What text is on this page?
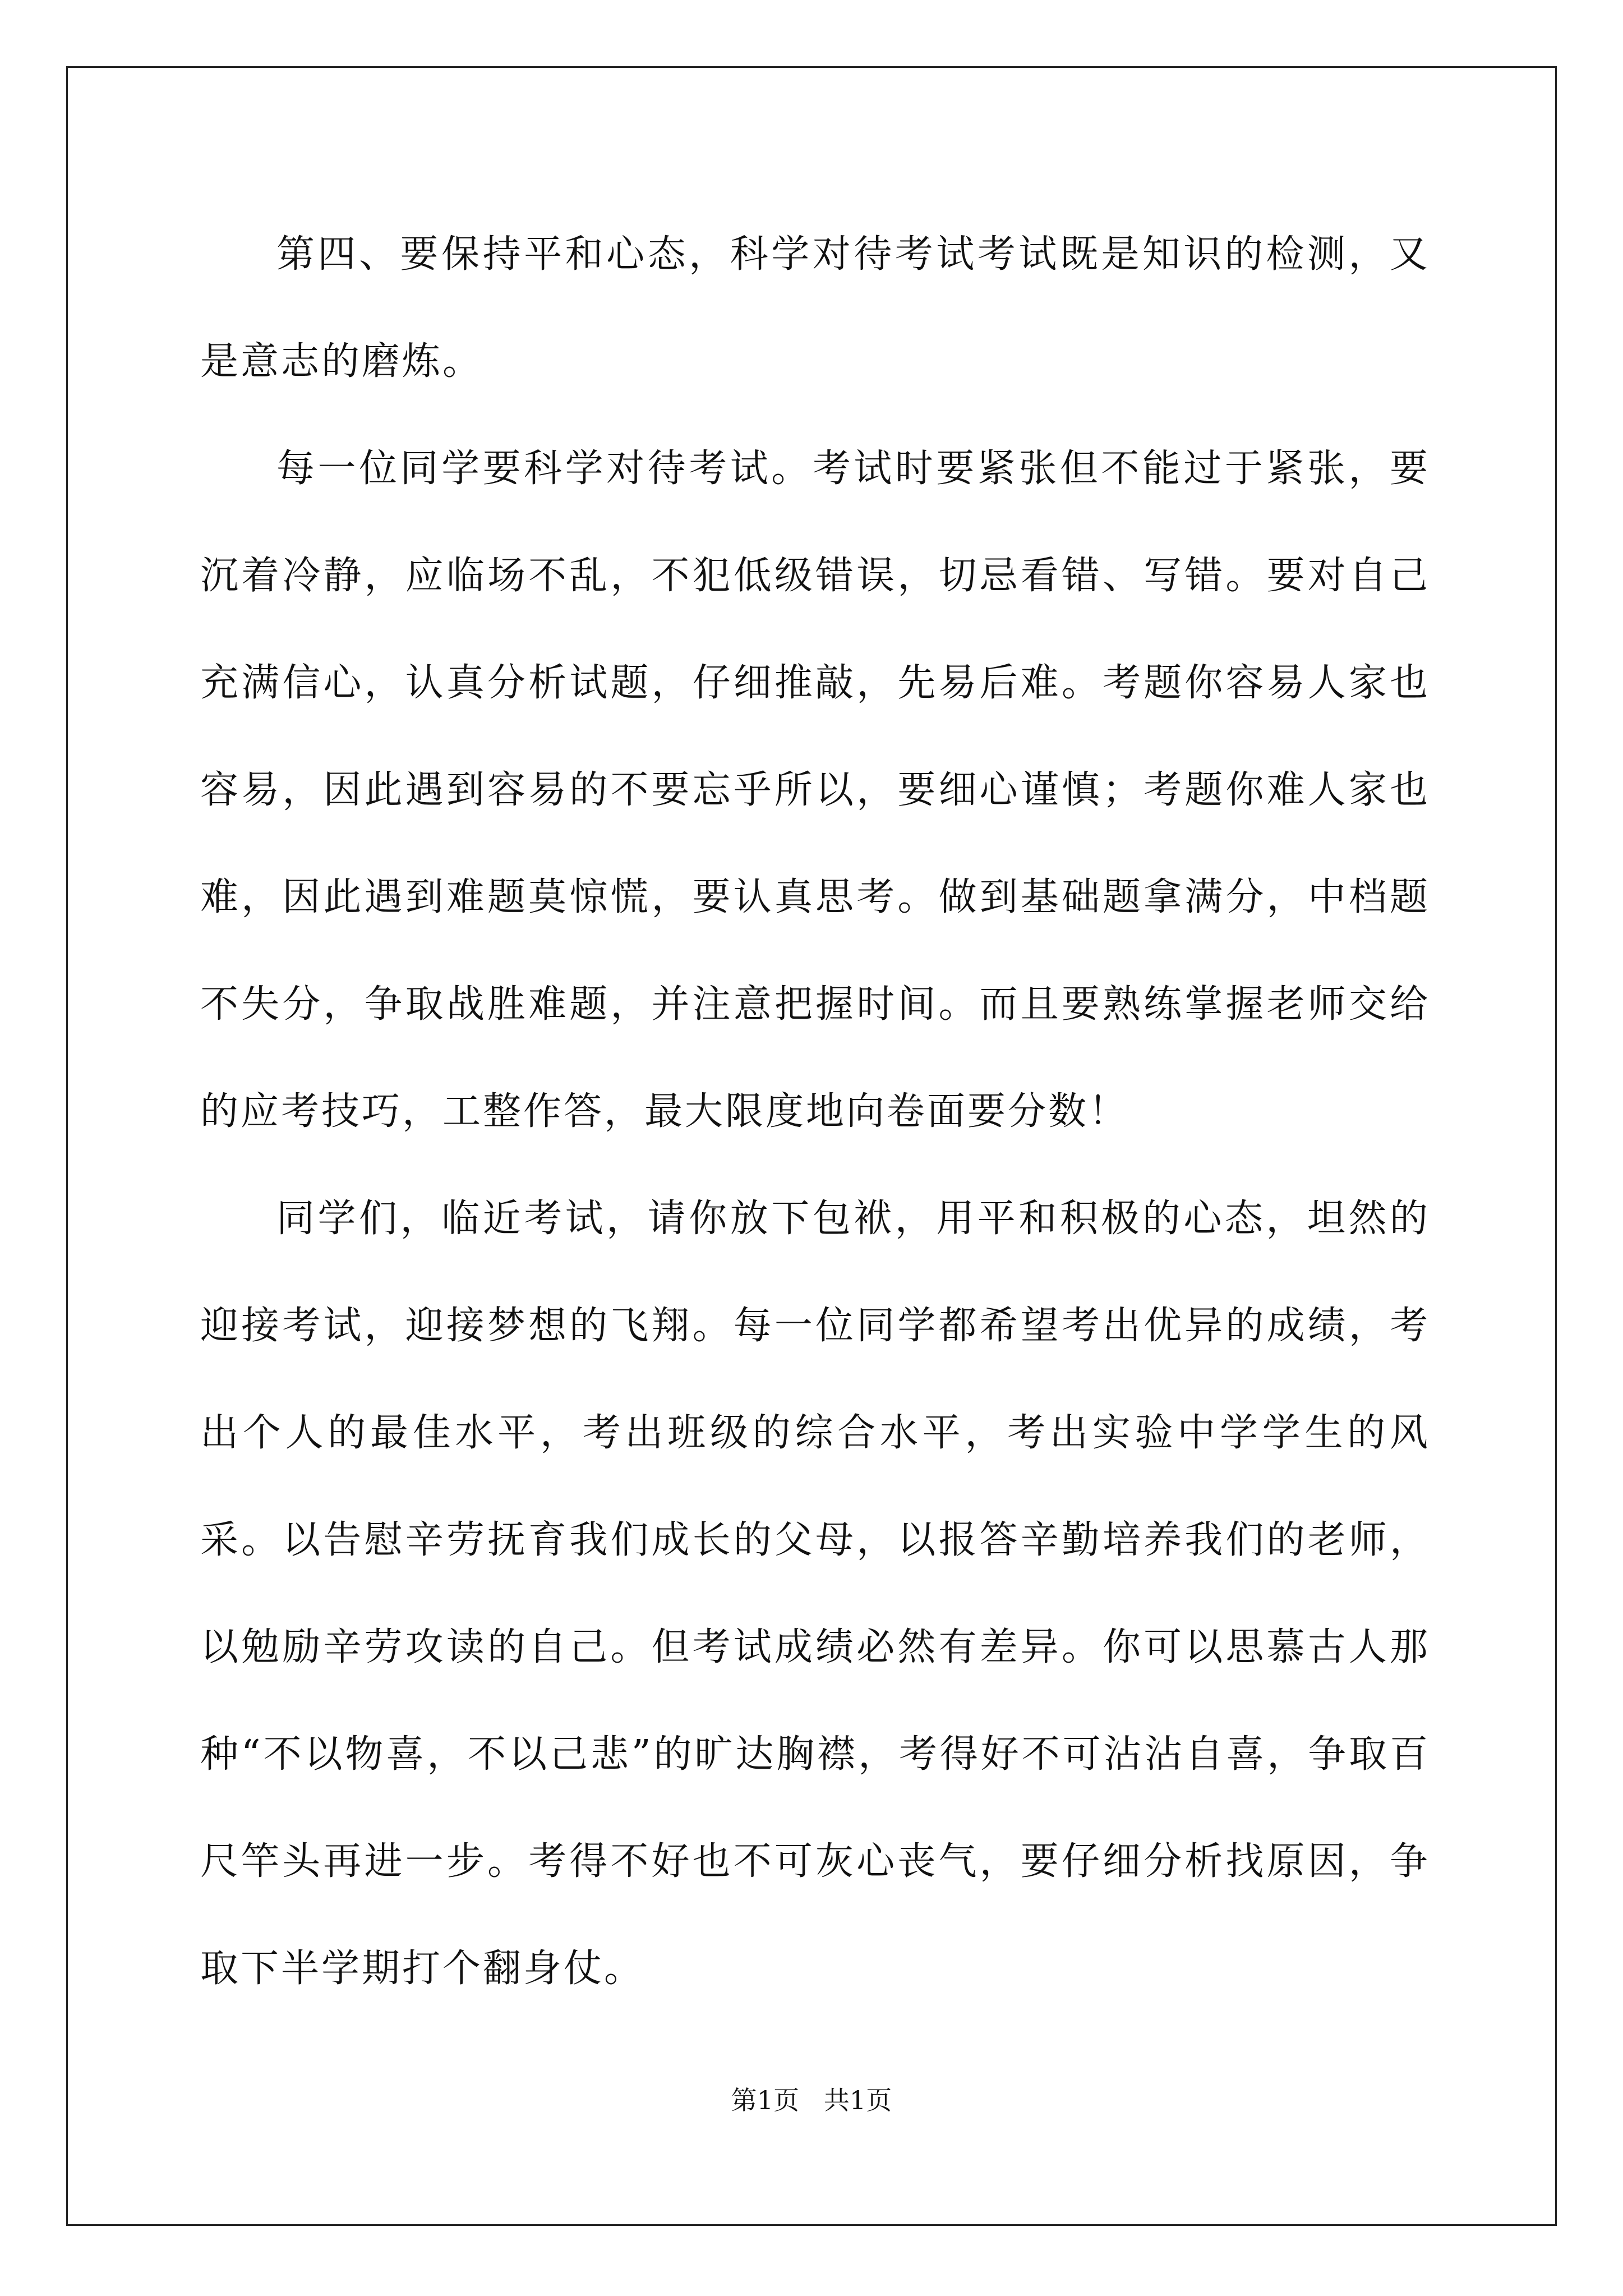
第四、要保持平和心态，科学对待考试考试既是知识的检测，又是意志的磨炼。

每一位同学要科学对待考试。考试时要紧张但不能过于紧张，要沉着冷静，应临场不乱，不犯低级错误，切忌看错、写错。要对自己充满信心，认真分析试题，仔细推敲，先易后难。考题你容易人家也容易，因此遇到容易的不要忘乎所以，要细心谨慎；考题你难人家也难，因此遇到难题莫惊慌，要认真思考。做到基础题拿满分，中档题不失分，争取战胜难题，并注意把握时间。而且要熟练掌握老师交给的应考技巧，工整作答，最大限度地向卷面要分数！

同学们，临近考试，请你放下包袱，用平和积极的心态，坦然的迎接考试，迎接梦想的飞翔。每一位同学都希望考出优异的成绩，考出个人的最佳水平，考出班级的综合水平，考出实验中学学生的风采。以告慰辛劳抚育我们成长的父母，以报答辛勤培养我们的老师，以勉励辛劳攻读的自己。但考试成绩必然有差异。你可以思慕古人那种“不以物喜，不以己悲”的旷达胸襟，考得好不可沾沾自喜，争取百尺竿头再进一步。考得不好也不可灰心丧气，要仔细分析找原因，争取下半学期打个翻身仗。

第1页   共1页
